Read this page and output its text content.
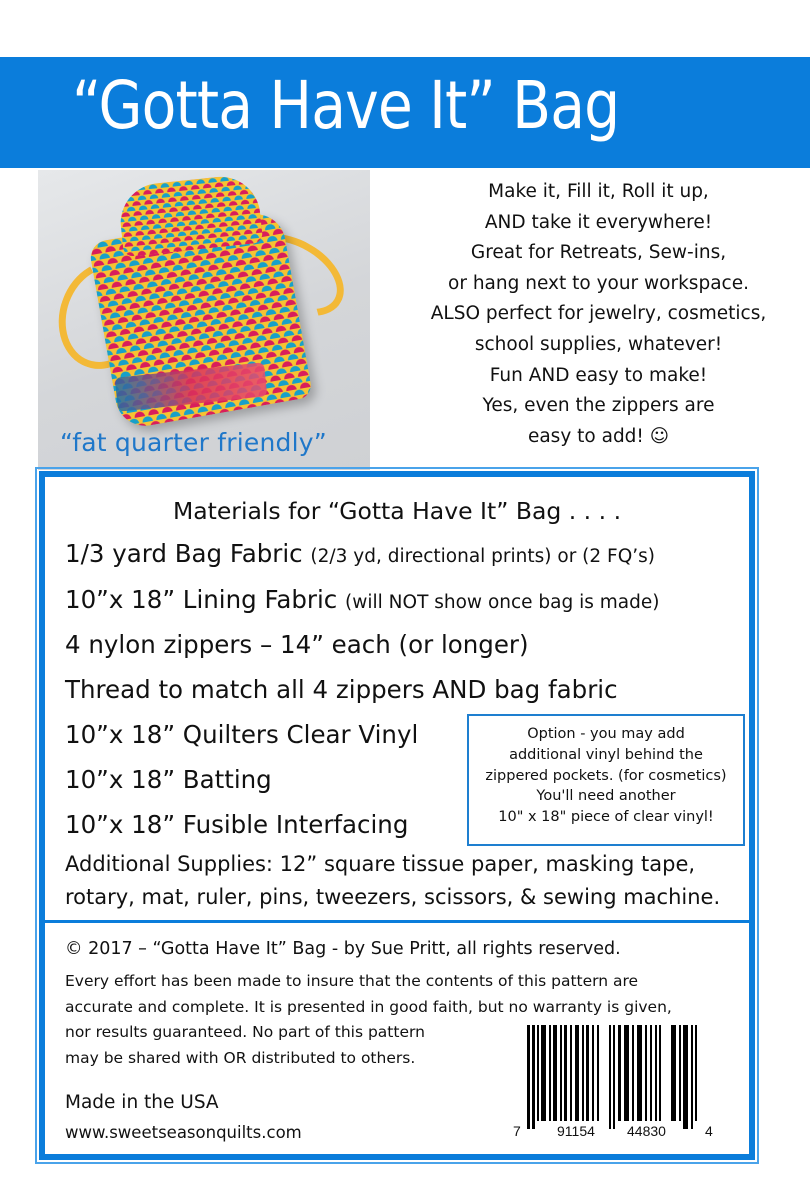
“Gotta Have It” Bag
“fat quarter friendly”
Make it, Fill it, Roll it up,
AND take it everywhere!
Great for Retreats, Sew-ins,
or hang next to your workspace.
ALSO perfect for jewelry, cosmetics,
school supplies, whatever!
Fun AND easy to make!
Yes, even the zippers are
easy to add! ☺
Materials for “Gotta Have It” Bag . . . .
1/3 yard Bag Fabric (2/3 yd, directional prints) or (2 FQ’s)
10”x 18” Lining Fabric (will NOT show once bag is made)
4 nylon zippers – 14” each (or longer)
Thread to match all 4 zippers AND bag fabric
10”x 18” Quilters Clear Vinyl
10”x 18” Batting
10”x 18” Fusible Interfacing
Option - you may add
additional vinyl behind the
zippered pockets. (for cosmetics)
You'll need another
10" x 18" piece of clear vinyl!
Additional Supplies: 12” square tissue paper, masking tape,
rotary, mat, ruler, pins, tweezers, scissors, & sewing machine.
© 2017 – “Gotta Have It” Bag - by Sue Pritt, all rights reserved.
Every effort has been made to insure that the contents of this pattern are
accurate and complete. It is presented in good faith, but no warranty is given,
nor results guaranteed. No part of this pattern
may be shared with OR distributed to others.
Made in the USA
www.sweetseasonquilts.com	7	91154 44830	4
